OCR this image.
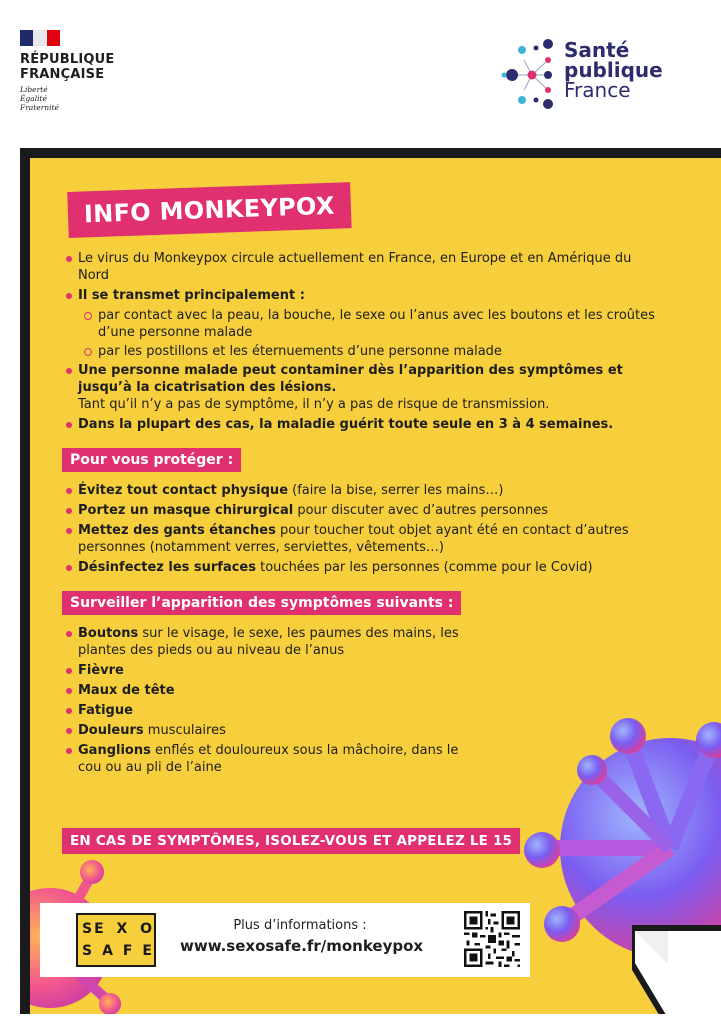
RÉPUBLIQUE
FRANÇAISE
Liberté
Égalité
Fraternité
Santé
publique
France
INFO MONKEYPOX
Le virus du Monkeypox circule actuellement en France, en Europe et en Amérique du Nord
Il se transmet principalement :
par contact avec la peau, la bouche, le sexe ou l’anus avec les boutons et les croûtes d’une personne malade
par les postillons et les éternuements d’une personne malade
Une personne malade peut contaminer dès l’apparition des symptômes et jusqu’à la cicatrisation des lésions.
Tant qu’il n’y a pas de symptôme, il n’y a pas de risque de transmission.
Dans la plupart des cas, la maladie guérit toute seule en 3 à 4 semaines.
Pour vous protéger :
Évitez tout contact physique (faire la bise, serrer les mains…)
Portez un masque chirurgical pour discuter avec d’autres personnes
Mettez des gants étanches pour toucher tout objet ayant été en contact d’autres personnes (notamment verres, serviettes, vêtements…)
Désinfectez les surfaces touchées par les personnes (comme pour le Covid)
Surveiller l’apparition des symptômes suivants :
Boutons sur le visage, le sexe, les paumes des mains, les plantes des pieds ou au niveau de l’anus
Fièvre
Maux de tête
Fatigue
Douleurs musculaires
Ganglions enflés et douloureux sous la mâchoire, dans le cou ou au pli de l’aine
EN CAS DE SYMPTÔMES, ISOLEZ-VOUS ET APPELEZ LE 15
SE X O
S A F E
Plus d’informations :
www.sexosafe.fr/monkeypox
